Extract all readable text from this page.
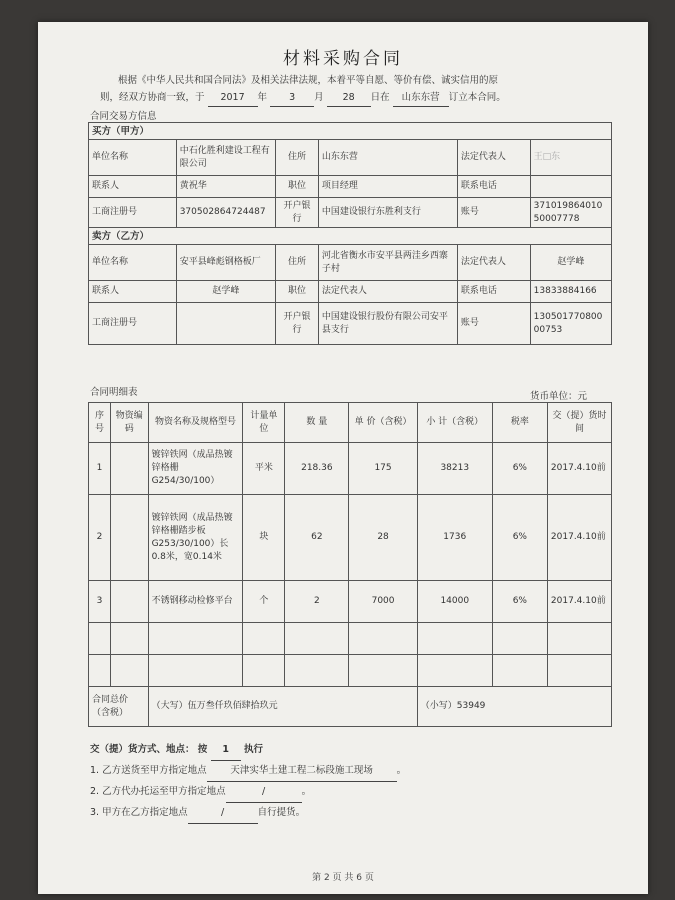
材料采购合同
根据《中华人民共和国合同法》及相关法律法规，本着平等自愿、等价有偿、诚实信用的原
则，经双方协商一致，于 2017 年 3 月 28 日在 山东东营 订立本合同。
合同交易方信息
买方（甲方）					
单位名称	中石化胜利建设工程有限公司	住所	山东东营	法定代表人	王□东
联系人	黄祝华	职位	项目经理	联系电话	
工商注册号	370502864724487	开户银行	中国建设银行东胜利支行	账号	37101986401050007778
卖方（乙方）					
单位名称	安平县峰彪钢格板厂	住所	河北省衡水市安平县两洼乡西寨子村	法定代表人	赵学峰
联系人	赵学峰	职位	法定代表人	联系电话	13833884166
工商注册号		开户银行	中国建设银行股份有限公司安平县支行	账号	13050177080000753
合同明细表	货币单位：元
序号	物资编码	物资名称及规格型号	计量单位	数 量	单 价（含税）	小 计（含税）	税率	交（提）货时间
1		镀锌铁网（成品热镀锌格栅G254/30/100）	平米	218.36	175	38213	6%	2017.4.10前
2		镀锌铁网（成品热镀锌格栅踏步板G253/30/100）长0.8米，宽0.14米	块	62	28	1736	6%	2017.4.10前
3		不锈钢移动检修平台	个	2	7000	14000	6%	2017.4.10前

合同总价（含税）		（大写）伍万叁仟玖佰肆拾玖元				（小写）53949		
交（提）货方式、地点： 按 1 执行
1. 乙方送货至甲方指定地点 天津实华土建工程二标段施工现场	。
2. 乙方代办托运至甲方指定地点	/	。
3. 甲方在乙方指定地点	/	自行提货。
第 2 页 共 6 页
